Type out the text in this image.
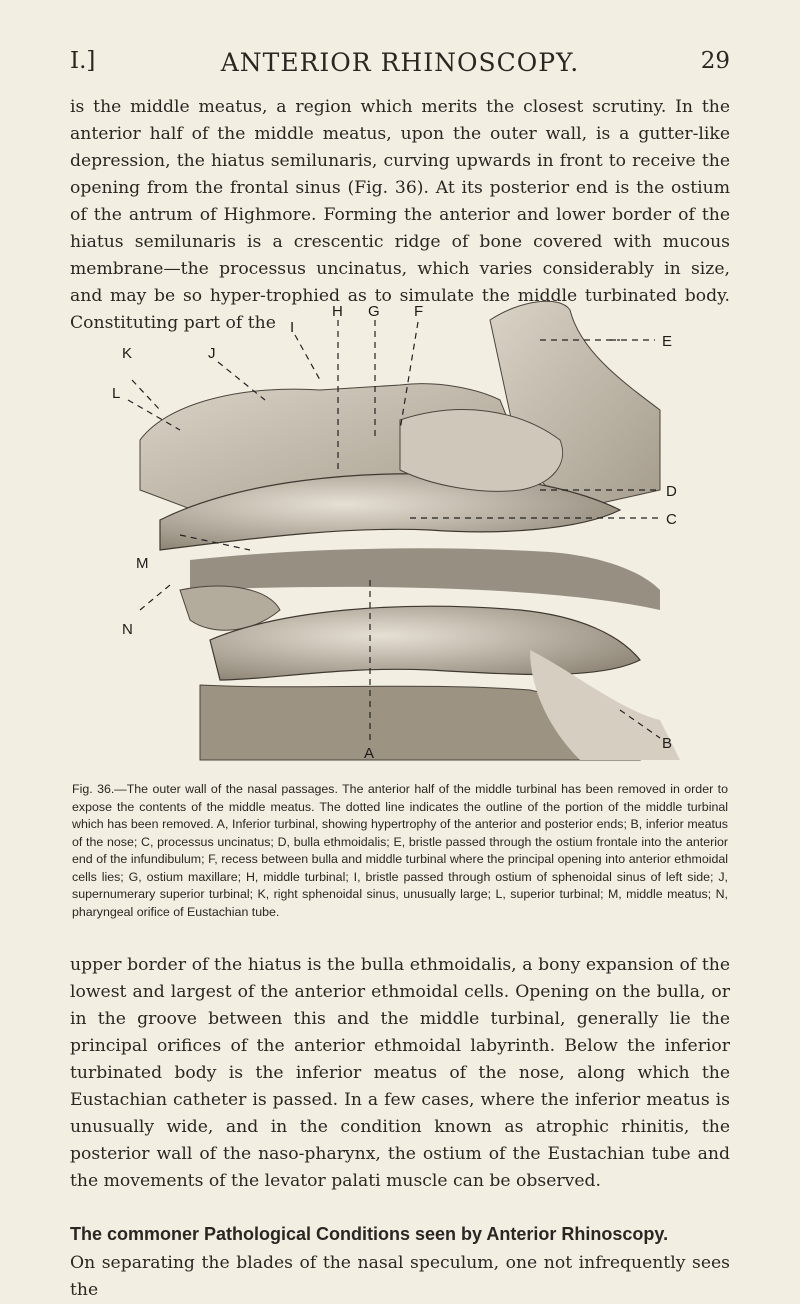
I.]	ANTERIOR RHINOSCOPY.	29

is the middle meatus, a region which merits the closest scrutiny. In the anterior half of the middle meatus, upon the outer wall, is a gutter-like depression, the hiatus semilunaris, curving upwards in front to receive the opening from the frontal sinus (Fig. 36). At its posterior end is the ostium of the antrum of Highmore. Forming the anterior and lower border of the hiatus semilunaris is a crescentic ridge of bone covered with mucous membrane—the processus uncinatus, which varies considerably in size, and may be so hyper-trophied as to simulate the middle turbinated body. Constituting part of the

H G F
I
K	J
L
E
D
C
M
N
B
A

Fig. 36.—The outer wall of the nasal passages. The anterior half of the middle turbinal has been removed in order to expose the contents of the middle meatus. The dotted line indicates the outline of the portion of the middle turbinal which has been removed. A, Inferior turbinal, showing hypertrophy of the anterior and posterior ends; B, inferior meatus of the nose; C, processus uncinatus; D, bulla ethmoidalis; E, bristle passed through the ostium frontale into the anterior end of the infundibulum; F, recess between bulla and middle turbinal where the principal opening into anterior ethmoidal cells lies; G, ostium maxillare; H, middle turbinal; I, bristle passed through ostium of sphenoidal sinus of left side; J, supernumerary superior turbinal; K, right sphenoidal sinus, unusually large; L, superior turbinal; M, middle meatus; N, pharyngeal orifice of Eustachian tube.

upper border of the hiatus is the bulla ethmoidalis, a bony expansion of the lowest and largest of the anterior ethmoidal cells. Opening on the bulla, or in the groove between this and the middle turbinal, generally lie the principal orifices of the anterior ethmoidal labyrinth. Below the inferior turbinated body is the inferior meatus of the nose, along which the Eustachian catheter is passed. In a few cases, where the inferior meatus is unusually wide, and in the condition known as atrophic rhinitis, the posterior wall of the naso-pharynx, the ostium of the Eustachian tube and the movements of the levator palati muscle can be observed.

The commoner Pathological Conditions seen by Anterior Rhinoscopy.

On separating the blades of the nasal speculum, one not infrequently sees the
